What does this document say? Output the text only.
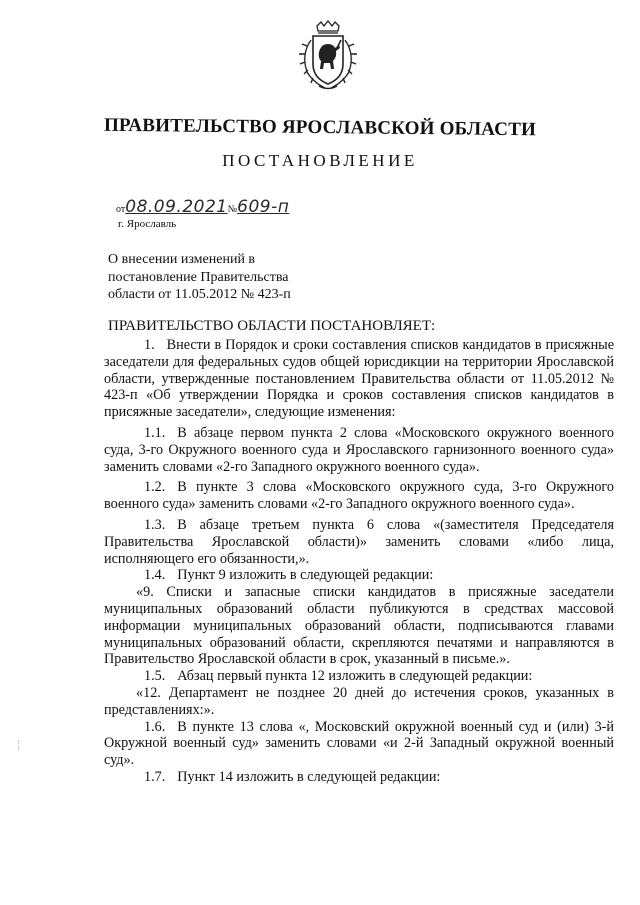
ПРАВИТЕЛЬСТВО ЯРОСЛАВСКОЙ ОБЛАСТИ
ПОСТАНОВЛЕНИЕ
от08.09.2021№609-п
г. Ярославль
О внесении изменений в постановление Правительства области от 11.05.2012 № 423-п
ПРАВИТЕЛЬСТВО ОБЛАСТИ ПОСТАНОВЛЯЕТ:

1. Внести в Порядок и сроки составления списков кандидатов в присяжные заседатели для федеральных судов общей юрисдикции на территории Ярославской области, утвержденные постановлением Правительства области от 11.05.2012 № 423-п «Об утверждении Порядка и сроков составления списков кандидатов в присяжные заседатели», следующие изменения:

1.1. В абзаце первом пункта 2 слова «Московского окружного военного суда, 3-го Окружного военного суда и Ярославского гарнизонного военного суда» заменить словами «2-го Западного окружного военного суда».

1.2. В пункте 3 слова «Московского окружного суда, 3-го Окружного военного суда» заменить словами «2-го Западного окружного военного суда».

1.3. В абзаце третьем пункта 6 слова «(заместителя Председателя Правительства Ярославской области)» заменить словами «либо лица, исполняющего его обязанности,».

1.4. Пункт 9 изложить в следующей редакции:

«9. Списки и запасные списки кандидатов в присяжные заседатели муниципальных образований области публикуются в средствах массовой информации муниципальных образований области, подписываются главами муниципальных образований области, скрепляются печатями и направляются в Правительство Ярославской области в срок, указанный в письме.».

1.5. Абзац первый пункта 12 изложить в следующей редакции:

«12. Департамент не позднее 20 дней до истечения сроков, указанных в представлениях:».

1.6. В пункте 13 слова «, Московский окружной военный суд и (или) 3-й Окружной военный суд» заменить словами «и 2-й Западный окружной военный суд».

1.7. Пункт 14 изложить в следующей редакции:
